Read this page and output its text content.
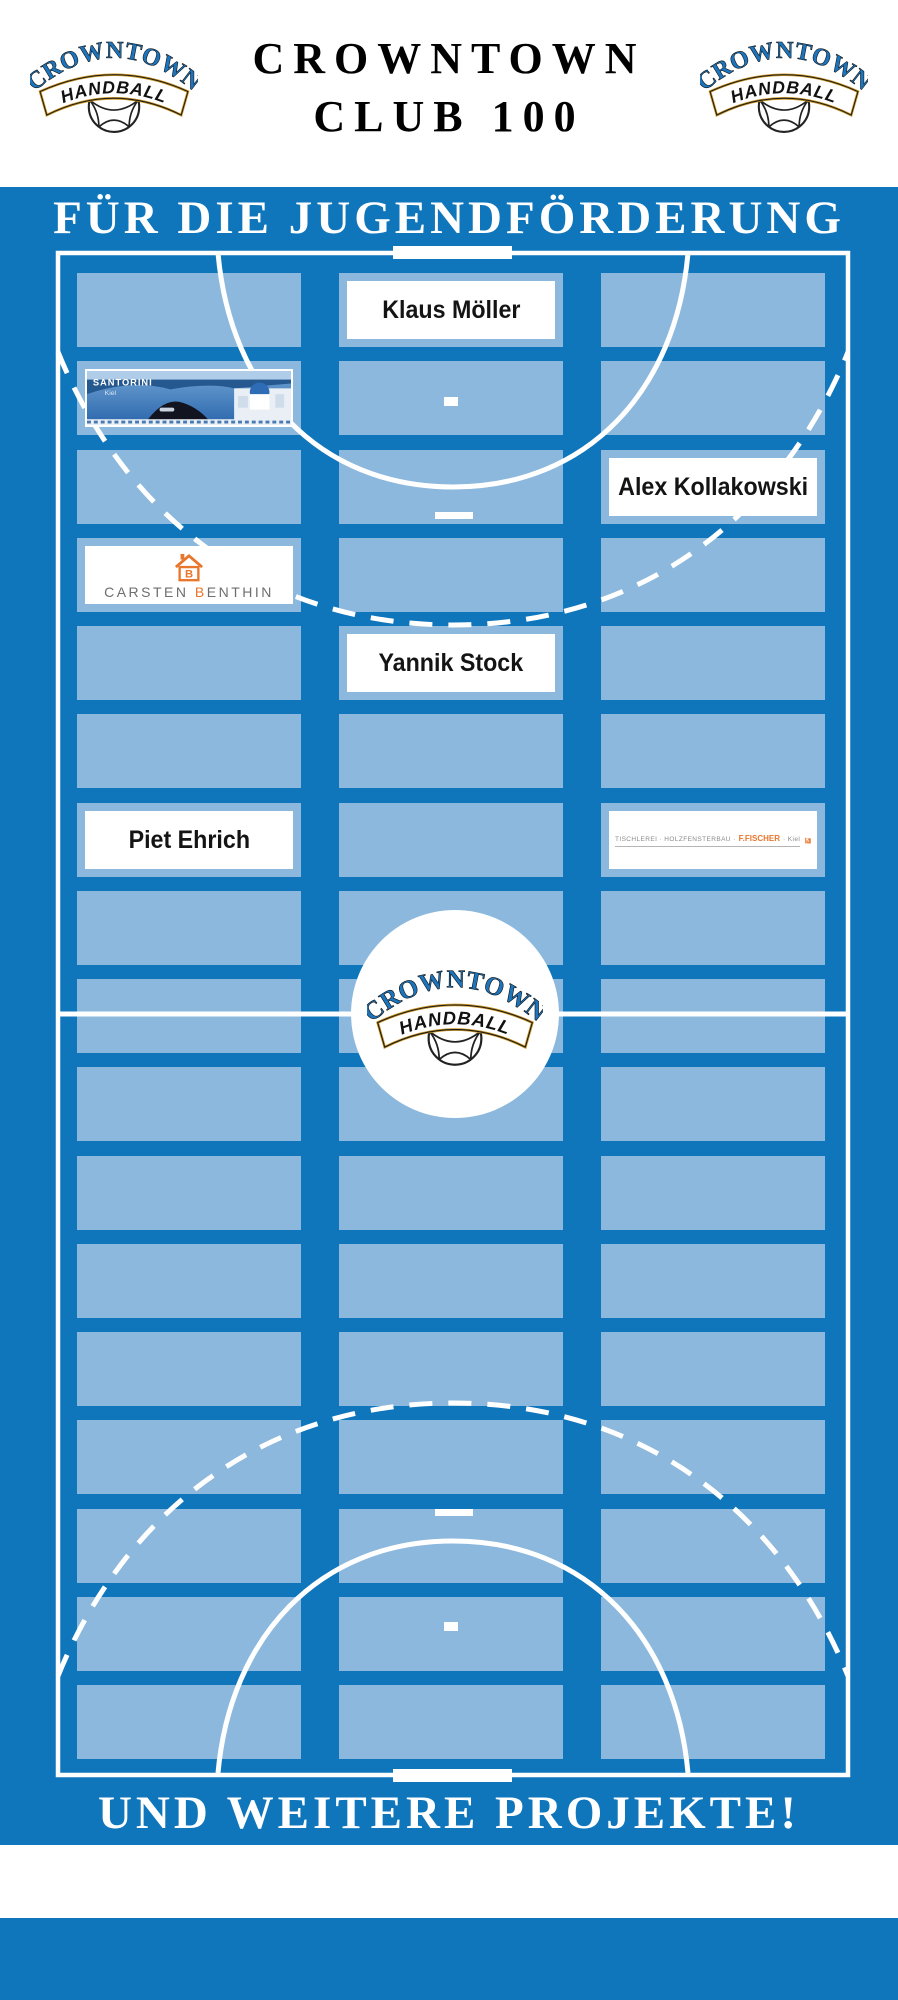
CROWNTOWN
CLUB 100
FÜR DIE JUGENDFÖRDERUNG
UND WEITERE PROJEKTE!
Klaus Möller
SANTORINI
Kiel
Alex Kollakowski
B
CARSTEN BENTHIN
Yannik Stock
Piet Ehrich	TISCHLEREI · HOLZFENSTERBAU · F.FISCHER · Kiel F
